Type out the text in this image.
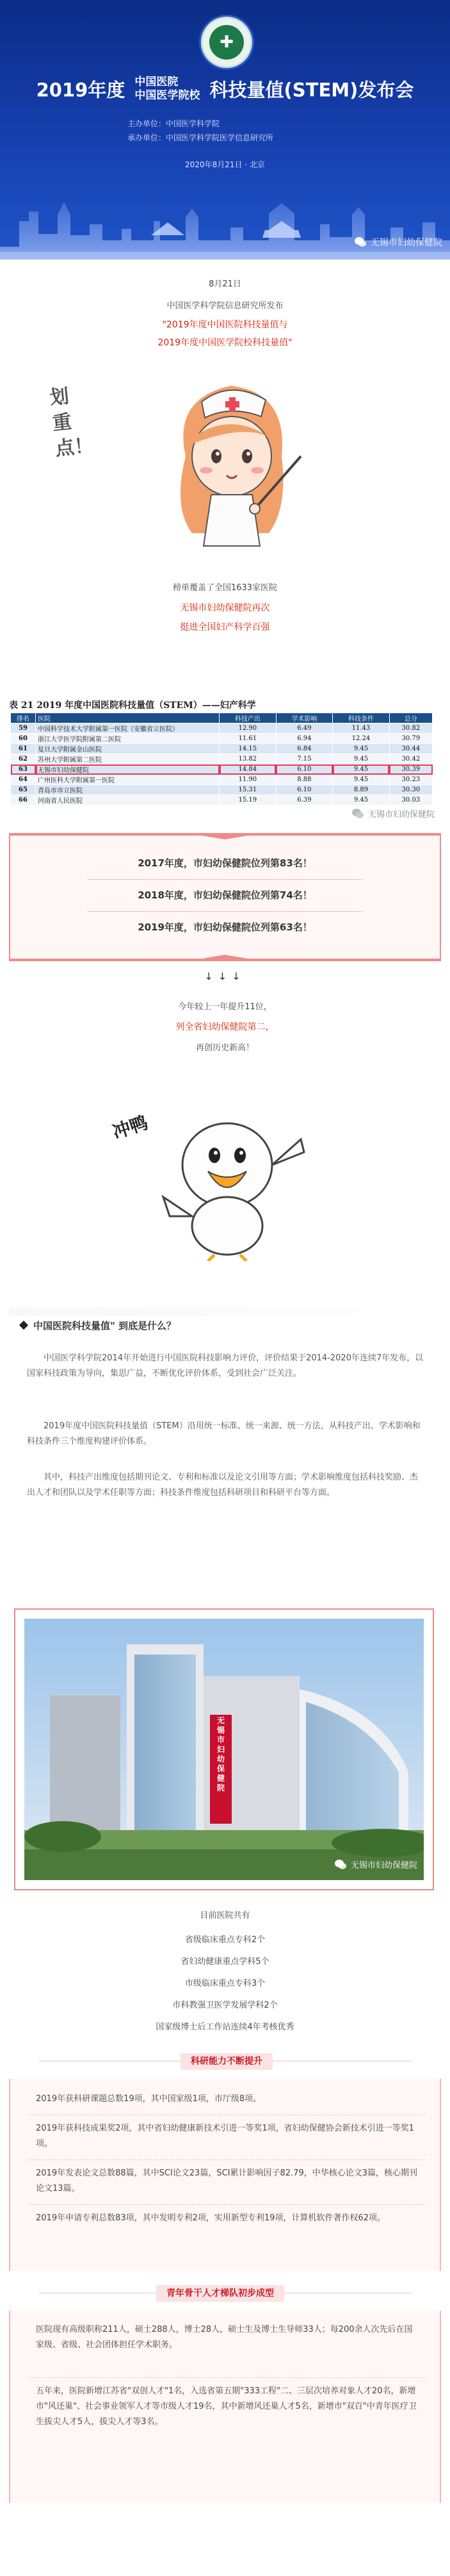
✚
2019年度 中国医院
中国医学院校 科技量值(STEM)发布会
主办单位 ：	中国医学科学院
承办单位 ：	中国医学科学院医学信息研究所
2020年8月21日 · 北京
无锡市妇幼保健院
8月21日
中国医学科学院信息研究所发布
"2019年度中国医院科技量值与
2019年度中国医学院校科技量值"
划重点！
榜单覆盖了全国1633家医院
无锡市妇幼保健院再次
挺进全国妇产科学百强
表 21 2019 年度中国医院科技量值（STEM）——妇产科学
排名	医院	科技产出	学术影响	科技条件	总分
59	中国科学技术大学附属第一医院（安徽省立医院）	12.90	6.49	11.43	30.82
60	浙江大学医学院附属第二医院	11.61	6.94	12.24	30.79
61	复旦大学附属金山医院	14.15	6.84	9.45	30.44
62	苏州大学附属第二医院	13.82	7.15	9.45	30.42
63	无锡市妇幼保健院	14.84	6.10	9.45	30.39
64	广州医科大学附属第一医院	11.90	8.88	9.45	30.23
65	青岛市市立医院	15.31	6.10	8.89	30.30
66	河南省人民医院	15.19	6.39	9.45	30.03
无锡市妇幼保健院
2017年度，市妇幼保健院位列第83名！
2018年度，市妇幼保健院位列第74名！
2019年度，市妇幼保健院位列第63名！
↓↓↓
今年较上一年提升11位，
列全省妇幼保健院第二，
再创历史新高！
冲鸭
中国医院科技量值" 到底是什么？
中国医学科学院2014年开始进行中国医院科技影响力评价，评价结果于2014-2020年连续7年发布，以国家科技政策为导向，集思广益，不断优化评价体系，受到社会广泛关注。
2019年度中国医院科技量值（STEM）沿用统一标准、统一来源、统一方法，从科技产出、学术影响和科技条件三个维度构建评价体系。
其中，科技产出维度包括期刊论文、专利和标准以及论文引用等方面；学术影响维度包括科技奖励、杰出人才和团队以及学术任职等方面；科技条件维度包括科研项目和科研平台等方面。
无锡市妇幼保健院
无锡市妇幼保健院
目前医院共有
省级临床重点专科2个
省妇幼健康重点学科5个
市级临床重点专科3个
市科教强卫医学发展学科2个
国家级博士后工作站连续4年考核优秀
科研能力不断提升
2019年获科研课题总数19项，其中国家级1项，市厅级8项。
2019年获科技成果奖2项，其中省妇幼健康新技术引进一等奖1项，省妇幼保健协会新技术引进一等奖1项。
2019年发表论文总数88篇，其中SCI论文23篇，SCI累计影响因子82.79，中华核心论文3篇，核心期刊论文13篇。
2019年申请专利总数83项，其中发明专利2项，实用新型专利19项，计算机软件著作权62项。
青年骨干人才梯队初步成型
医院现有高级职称211人，硕士288人，博士28人，硕士生及博士生导师33人；每200余人次先后在国家级、省级、社会团体担任学术职务。
五年来，医院新增江苏省"双创人才"1名，入选省第五期"333工程"二、三层次培养对象人才20名，新增市"风还巢"、社会事业领军人才等市级人才19名，其中新增风还巢人才5名，新增市"双百"中青年医疗卫生拔尖人才5人，拔尖人才等3名。
